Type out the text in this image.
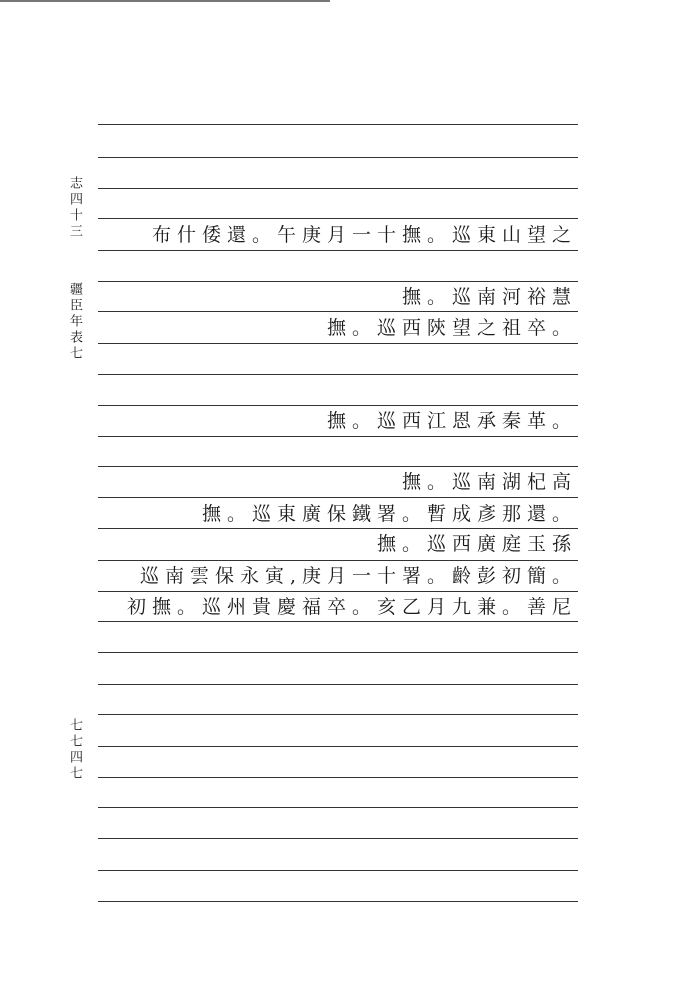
志四十三
疆臣年表七
七七四七
布什倭還。午庚月一十撫。巡東山望之
撫。巡南河裕慧
撫。巡西陝望之祖卒。
撫。巡西江恩承秦革。
撫。巡南湖杞高
撫。巡東廣保鐵署。暫成彥那還。
撫。巡西廣庭玉孫
巡南雲保永寅,庚月一十署。齡彭初簡。
初撫。巡州貴慶福卒。亥乙月九兼。善尼
